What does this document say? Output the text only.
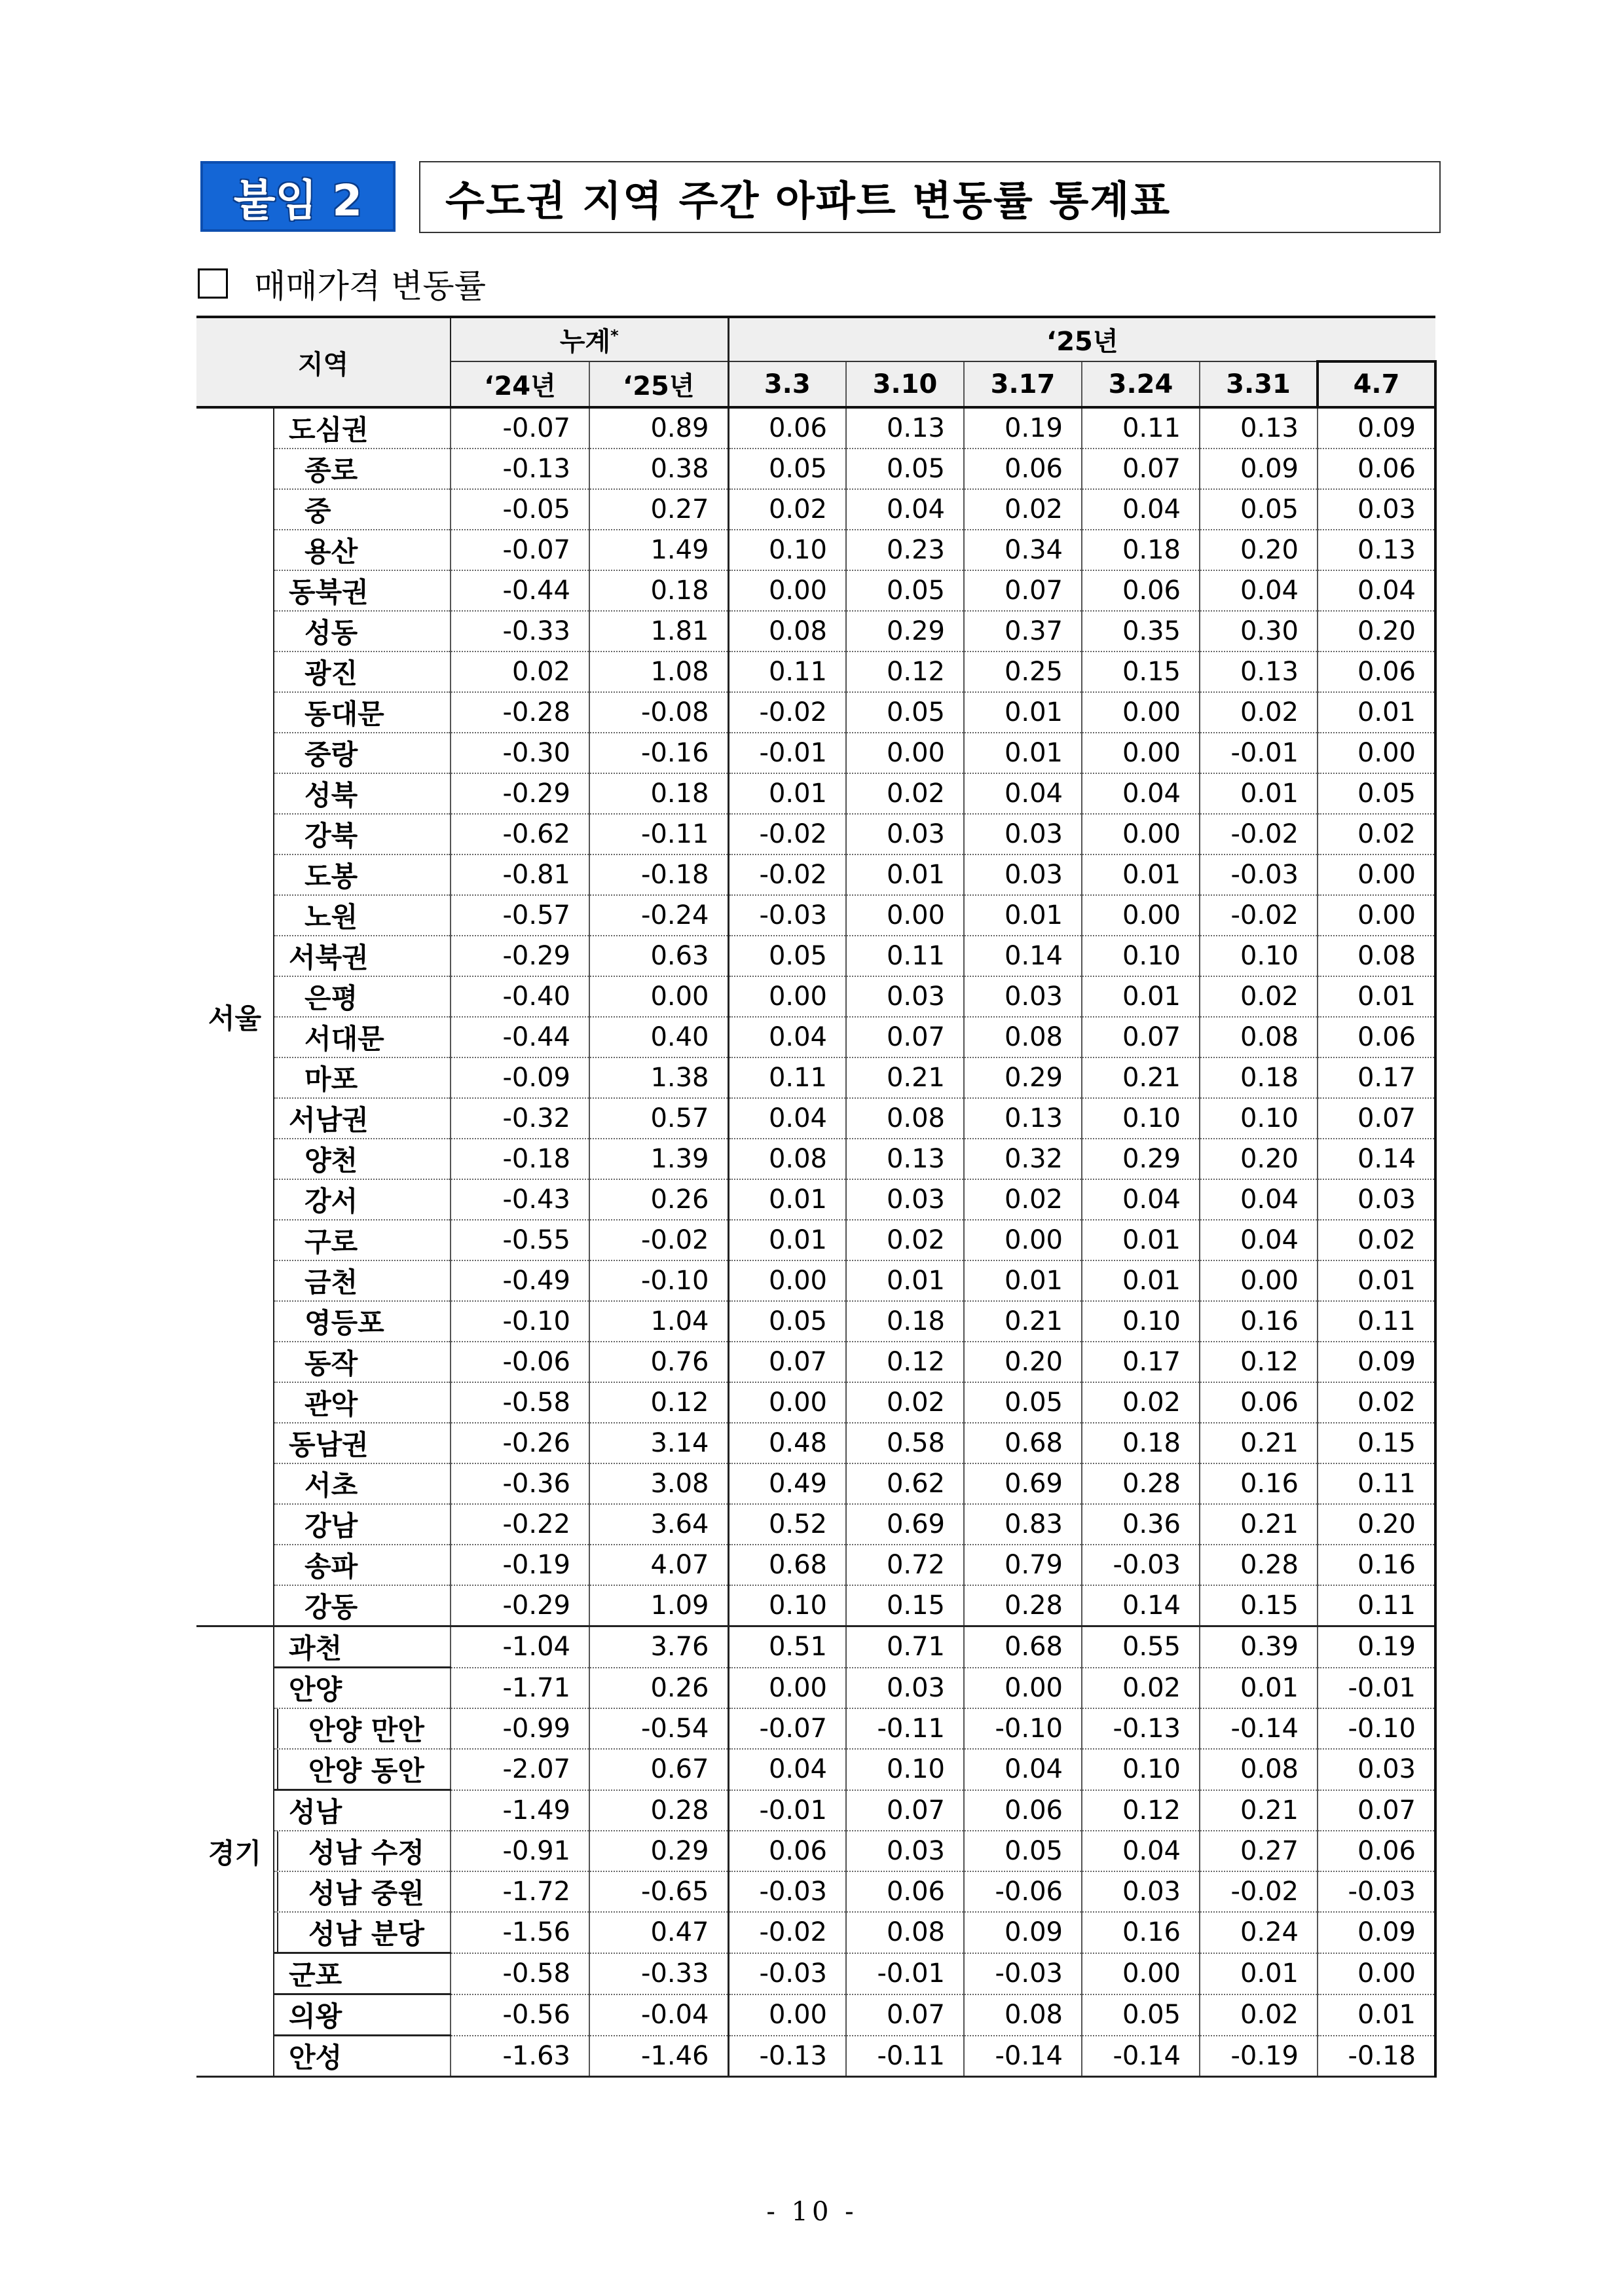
붙임 2 수도권 지역 주간 아파트 변동률 통계표
매매가격 변동률
지역		누계*		‘25년					
		‘24년	‘25년	3.3	3.10	3.17	3.24	3.31	4.7
서울	도심권	-0.07	0.89	0.06	0.13	0.19	0.11	0.13	0.09
	종로	-0.13	0.38	0.05	0.05	0.06	0.07	0.09	0.06
	중	-0.05	0.27	0.02	0.04	0.02	0.04	0.05	0.03
	용산	-0.07	1.49	0.10	0.23	0.34	0.18	0.20	0.13
	동북권	-0.44	0.18	0.00	0.05	0.07	0.06	0.04	0.04
	성동	-0.33	1.81	0.08	0.29	0.37	0.35	0.30	0.20
	광진	0.02	1.08	0.11	0.12	0.25	0.15	0.13	0.06
	동대문	-0.28	-0.08	-0.02	0.05	0.01	0.00	0.02	0.01
	중랑	-0.30	-0.16	-0.01	0.00	0.01	0.00	-0.01	0.00
	성북	-0.29	0.18	0.01	0.02	0.04	0.04	0.01	0.05
	강북	-0.62	-0.11	-0.02	0.03	0.03	0.00	-0.02	0.02
	도봉	-0.81	-0.18	-0.02	0.01	0.03	0.01	-0.03	0.00
	노원	-0.57	-0.24	-0.03	0.00	0.01	0.00	-0.02	0.00
	서북권	-0.29	0.63	0.05	0.11	0.14	0.10	0.10	0.08
	은평	-0.40	0.00	0.00	0.03	0.03	0.01	0.02	0.01
	서대문	-0.44	0.40	0.04	0.07	0.08	0.07	0.08	0.06
	마포	-0.09	1.38	0.11	0.21	0.29	0.21	0.18	0.17
	서남권	-0.32	0.57	0.04	0.08	0.13	0.10	0.10	0.07
	양천	-0.18	1.39	0.08	0.13	0.32	0.29	0.20	0.14
	강서	-0.43	0.26	0.01	0.03	0.02	0.04	0.04	0.03
	구로	-0.55	-0.02	0.01	0.02	0.00	0.01	0.04	0.02
	금천	-0.49	-0.10	0.00	0.01	0.01	0.01	0.00	0.01
	영등포	-0.10	1.04	0.05	0.18	0.21	0.10	0.16	0.11
	동작	-0.06	0.76	0.07	0.12	0.20	0.17	0.12	0.09
	관악	-0.58	0.12	0.00	0.02	0.05	0.02	0.06	0.02
	동남권	-0.26	3.14	0.48	0.58	0.68	0.18	0.21	0.15
	서초	-0.36	3.08	0.49	0.62	0.69	0.28	0.16	0.11
	강남	-0.22	3.64	0.52	0.69	0.83	0.36	0.21	0.20
	송파	-0.19	4.07	0.68	0.72	0.79	-0.03	0.28	0.16
	강동	-0.29	1.09	0.10	0.15	0.28	0.14	0.15	0.11
경기	과천	-1.04	3.76	0.51	0.71	0.68	0.55	0.39	0.19
	안양	-1.71	0.26	0.00	0.03	0.00	0.02	0.01	-0.01
	안양 만안	-0.99	-0.54	-0.07	-0.11	-0.10	-0.13	-0.14	-0.10
	안양 동안	-2.07	0.67	0.04	0.10	0.04	0.10	0.08	0.03
	성남	-1.49	0.28	-0.01	0.07	0.06	0.12	0.21	0.07
	성남 수정	-0.91	0.29	0.06	0.03	0.05	0.04	0.27	0.06
	성남 중원	-1.72	-0.65	-0.03	0.06	-0.06	0.03	-0.02	-0.03
	성남 분당	-1.56	0.47	-0.02	0.08	0.09	0.16	0.24	0.09
	군포	-0.58	-0.33	-0.03	-0.01	-0.03	0.00	0.01	0.00
	의왕	-0.56	-0.04	0.00	0.07	0.08	0.05	0.02	0.01
	안성	-1.63	-1.46	-0.13	-0.11	-0.14	-0.14	-0.19	-0.18
- 10 -
